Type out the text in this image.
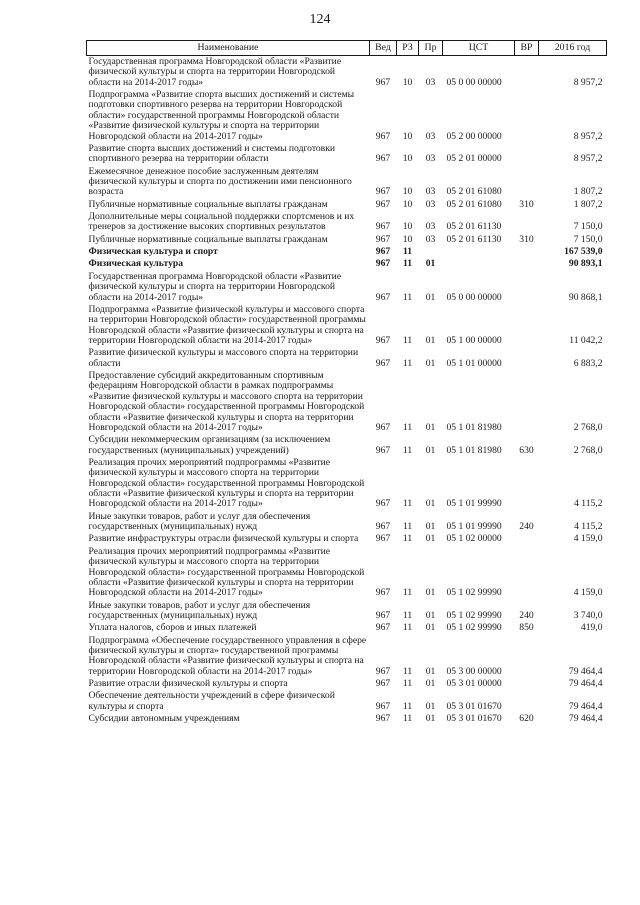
124
Наименование	Вед	РЗ	Пр	ЦСТ	ВР	2016 год
Государственная программа Новгородской области «Развитие физической культуры и спорта на территории Новгородской области на 2014-2017 годы»	967	10	03	05 0 00 00000		8 957,2
Подпрограмма «Развитие спорта высших достижений и системы подготовки спортивного резерва на территории Новгородской области» государственной программы Новгородской области «Развитие физической культуры и спорта на территории Новгородской области на 2014-2017 годы»	967	10	03	05 2 00 00000		8 957,2
Развитие спорта высших достижений и системы подготовки спортивного резерва на территории области	967	10	03	05 2 01 00000		8 957,2
Ежемесячное денежное пособие заслуженным деятелям физической культуры и спорта по достижении ими пенсионного возраста	967	10	03	05 2 01 61080		1 807,2
Публичные нормативные социальные выплаты гражданам	967	10	03	05 2 01 61080	310	1 807,2
Дополнительные меры социальной поддержки спортсменов и их тренеров за достижение высоких спортивных результатов	967	10	03	05 2 01 61130		7 150,0
Публичные нормативные социальные выплаты гражданам	967	10	03	05 2 01 61130	310	7 150,0
Физическая культура и спорт	967	11				167 539,0
Физическая культура	967	11	01			90 893,1
Государственная программа Новгородской области «Развитие физической культуры и спорта на территории Новгородской области на 2014-2017 годы»	967	11	01	05 0 00 00000		90 868,1
Подпрограмма «Развитие физической культуры и массового спорта на территории Новгородской области» государственной программы Новгородской области «Развитие физической культуры и спорта на территории Новгородской области на 2014-2017 годы»	967	11	01	05 1 00 00000		11 042,2
Развитие физической культуры и массового спорта на территории области	967	11	01	05 1 01 00000		6 883,2
Предоставление субсидий аккредитованным спортивным федерациям Новгородской области в рамках подпрограммы «Развитие физической культуры и массового спорта на территории Новгородской области» государственной программы Новгородской области «Развитие физической культуры и спорта на территории Новгородской области на 2014-2017 годы»	967	11	01	05 1 01 81980		2 768,0
Субсидии некоммерческим организациям (за исключением государственных (муниципальных) учреждений)	967	11	01	05 1 01 81980	630	2 768,0
Реализация прочих мероприятий подпрограммы «Развитие физической культуры и массового спорта на территории Новгородской области» государственной программы Новгородской области «Развитие физической культуры и спорта на территории Новгородской области на 2014-2017 годы»	967	11	01	05 1 01 99990		4 115,2
Иные закупки товаров, работ и услуг для обеспечения государственных (муниципальных) нужд	967	11	01	05 1 01 99990	240	4 115,2
Развитие инфраструктуры отрасли физической культуры и спорта	967	11	01	05 1 02 00000		4 159,0
Реализация прочих мероприятий подпрограммы «Развитие физической культуры и массового спорта на территории Новгородской области» государственной программы Новгородской области «Развитие физической культуры и спорта на территории Новгородской области на 2014-2017 годы»	967	11	01	05 1 02 99990		4 159,0
Иные закупки товаров, работ и услуг для обеспечения государственных (муниципальных) нужд	967	11	01	05 1 02 99990	240	3 740,0
Уплата налогов, сборов и иных платежей	967	11	01	05 1 02 99990	850	419,0
Подпрограмма «Обеспечение государственного управления в сфере физической культуры и спорта» государственной программы Новгородской области «Развитие физической культуры и спорта на территории Новгородской области на 2014-2017 годы»	967	11	01	05 3 00 00000		79 464,4
Развитие отрасли физической культуры и спорта	967	11	01	05 3 01 00000		79 464,4
Обеспечение деятельности учреждений в сфере физической культуры и спорта	967	11	01	05 3 01 01670		79 464,4
Субсидии автономным учреждениям	967	11	01	05 3 01 01670	620	79 464,4
